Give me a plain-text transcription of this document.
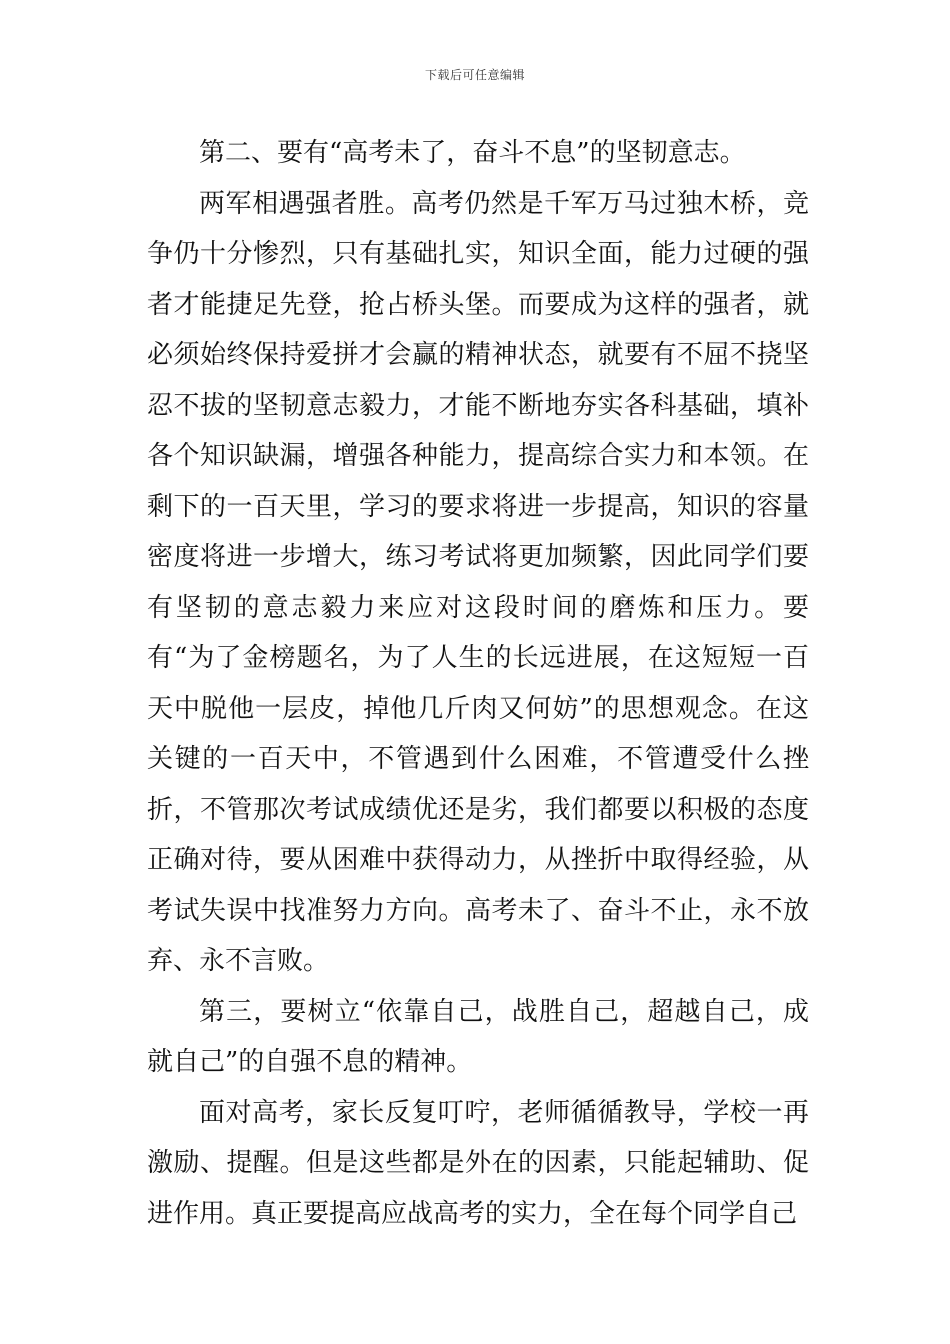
下载后可任意编辑

第二、要有“高考未了，奋斗不息”的坚韧意志。

两军相遇强者胜。高考仍然是千军万马过独木桥，竞争仍十分惨烈，只有基础扎实，知识全面，能力过硬的强者才能捷足先登，抢占桥头堡。而要成为这样的强者，就必须始终保持爱拼才会赢的精神状态，就要有不屈不挠坚忍不拔的坚韧意志毅力，才能不断地夯实各科基础，填补各个知识缺漏，增强各种能力，提高综合实力和本领。在剩下的一百天里，学习的要求将进一步提高，知识的容量密度将进一步增大，练习考试将更加频繁，因此同学们要有坚韧的意志毅力来应对这段时间的磨炼和压力。要有“为了金榜题名，为了人生的长远进展，在这短短一百天中脱他一层皮，掉他几斤肉又何妨”的思想观念。在这关键的一百天中，不管遇到什么困难，不管遭受什么挫折，不管那次考试成绩优还是劣，我们都要以积极的态度正确对待，要从困难中获得动力，从挫折中取得经验，从考试失误中找准努力方向。高考未了、奋斗不止，永不放弃、永不言败。

第三，要树立“依靠自己，战胜自己，超越自己，成就自己”的自强不息的精神。

面对高考，家长反复叮咛，老师循循教导，学校一再激励、提醒。但是这些都是外在的因素，只能起辅助、促进作用。真正要提高应战高考的实力，全在每个同学自己
